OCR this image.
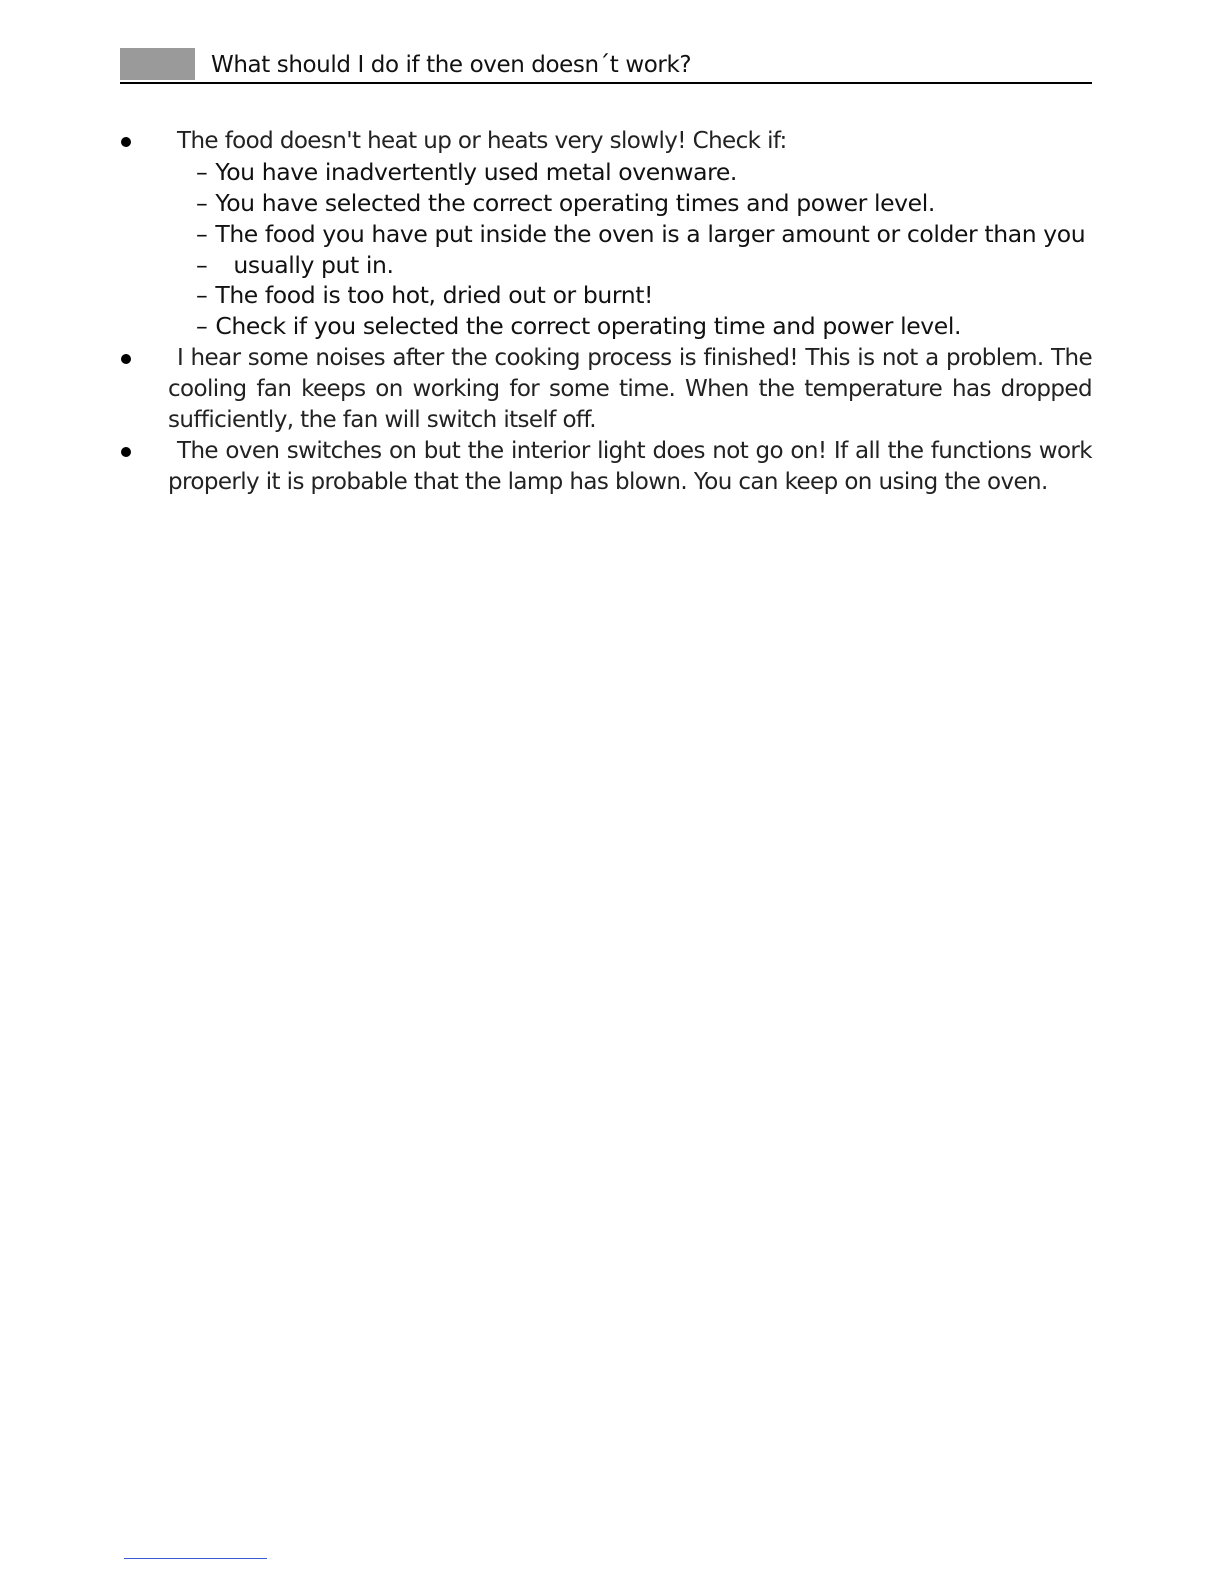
What should I do if the oven doesn´t work?
The food doesn't heat up or heats very slowly! Check if:
– You have inadvertently used metal ovenware.
– You have selected the correct operating times and power level.
– The food you have put inside the oven is a larger amount or colder than you
– usually put in.
– The food is too hot, dried out or burnt!
– Check if you selected the correct operating time and power level.
I hear some noises after the cooking process is finished! This is not a problem. The cooling fan keeps on working for some time. When the temperature has dropped sufficiently, the fan will switch itself off.
The oven switches on but the interior light does not go on! If all the functions work properly it is probable that the lamp has blown. You can keep on using the oven.
